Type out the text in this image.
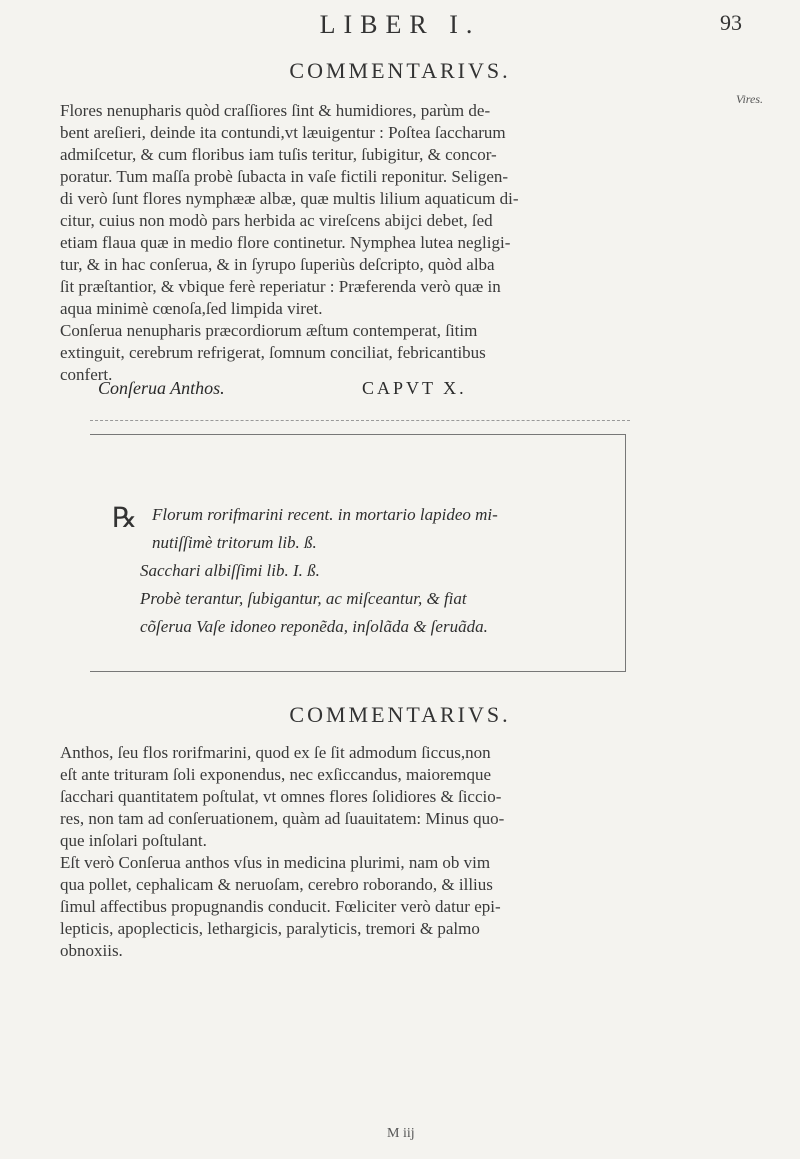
LIBER I.	93
COMMENTARIVS.
Vires.

Flores nenupharis quòd craſſiores ſint & humidiores, parùm de-

bent areſieri, deinde ita contundi,vt læuigentur : Poſtea ſaccharum

admiſcetur, & cum floribus iam tuſis teritur, ſubigitur, & concor-

poratur. Tum maſſa probè ſubacta in vaſe fictili reponitur. Seligen-

di verò ſunt flores nymphææ albæ, quæ multis lilium aquaticum di-

citur, cuius non modò pars herbida ac vireſcens abijci debet, ſed

etiam flaua quæ in medio flore continetur. Nymphea lutea negligi-

tur, & in hac conſerua, & in ſyrupo ſuperiùs deſcripto, quòd alba

ſit præſtantior, & vbique ferè reperiatur : Præferenda verò quæ in

aqua minimè cœnoſa,ſed limpida viret.

Conſerua nenupharis præcordiorum æſtum contemperat, ſitim

extinguit, cerebrum refrigerat, ſomnum conciliat, febricantibus

confert.

Conſerua Anthos.	CAPVT X.
℞ Florum rorifmarini recent. in mortario lapideo mi-
nutiſſimè tritorum lib. ß.
Sacchari albiſſimi lib. I. ß.
Probè terantur, ſubigantur, ac miſceantur, & fiat
cõſerua Vaſe idoneo reponẽda, inſolãda & ſeruãda.
COMMENTARIVS.

Anthos, ſeu flos rorifmarini, quod ex ſe ſit admodum ſiccus,non

eſt ante trituram ſoli exponendus, nec exſiccandus, maioremque

ſacchari quantitatem poſtulat, vt omnes flores ſolidiores & ſiccio-

res, non tam ad conſeruationem, quàm ad ſuauitatem: Minus quo-

que inſolari poſtulant.

Eſt verò Conſerua anthos vſus in medicina plurimi, nam ob vim

qua pollet, cephalicam & neruoſam, cerebro roborando, & illius

ſimul affectibus propugnandis conducit. Fœliciter verò datur epi-

lepticis, apoplecticis, lethargicis, paralyticis, tremori & palmo

obnoxiis.

M iij
